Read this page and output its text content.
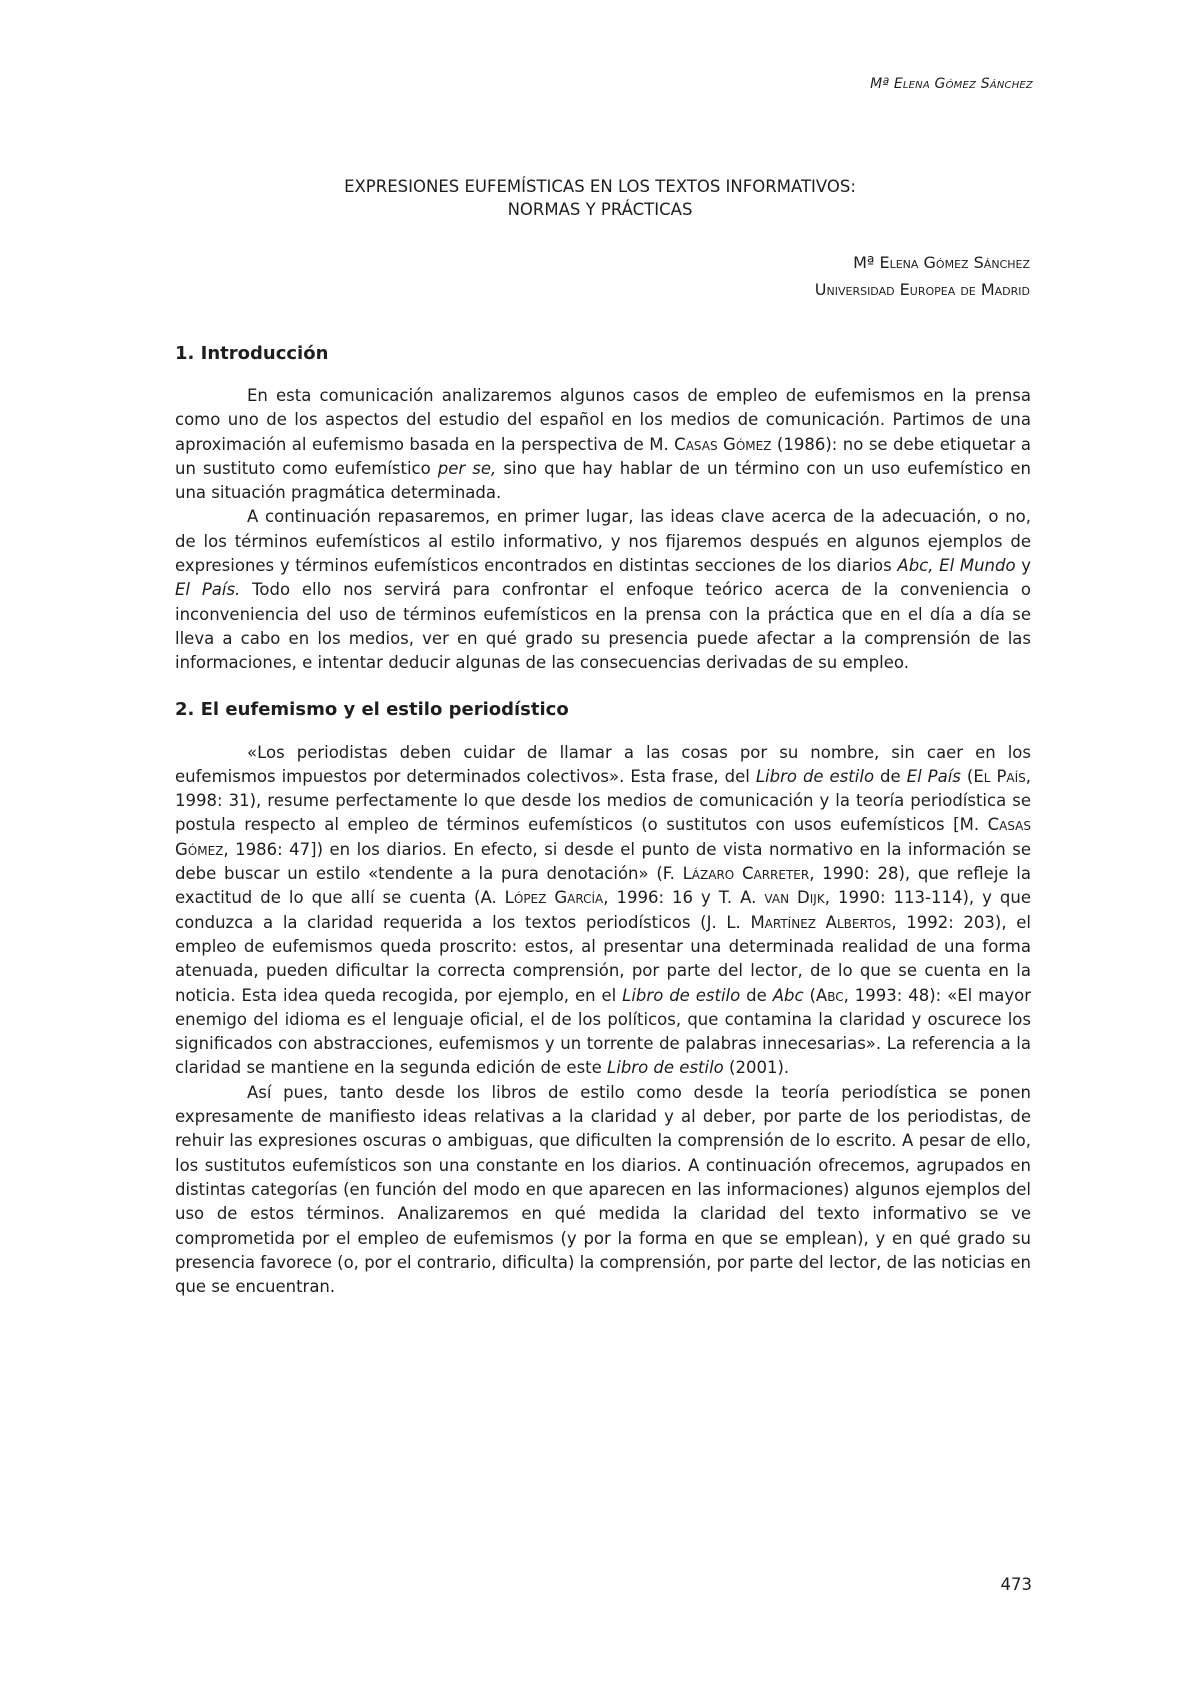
Mª Elena Gómez Sánchez
EXPRESIONES EUFEMÍSTICAS EN LOS TEXTOS INFORMATIVOS:
NORMAS Y PRÁCTICAS
Mª Elena Gómez Sánchez
Universidad Europea de Madrid
1. Introducción

En esta comunicación analizaremos algunos casos de empleo de eufemismos en la prensa como uno de los aspectos del estudio del español en los medios de comunicación. Partimos de una aproximación al eufemismo basada en la perspectiva de M. Casas Gómez (1986): no se debe etiquetar a un sustituto como eufemístico per se, sino que hay hablar de un término con un uso eufemístico en una situación pragmática determinada.

A continuación repasaremos, en primer lugar, las ideas clave acerca de la adecuación, o no, de los términos eufemísticos al estilo informativo, y nos fijaremos después en algunos ejemplos de expresiones y términos eufemísticos encontrados en distintas secciones de los diarios Abc, El Mundo y El País. Todo ello nos servirá para confrontar el enfoque teórico acerca de la conveniencia o inconveniencia del uso de términos eufemísticos en la prensa con la práctica que en el día a día se lleva a cabo en los medios, ver en qué grado su presencia puede afectar a la comprensión de las informaciones, e intentar deducir algunas de las consecuencias derivadas de su empleo.

2. El eufemismo y el estilo periodístico

«Los periodistas deben cuidar de llamar a las cosas por su nombre, sin caer en los eufemismos impuestos por determinados colectivos». Esta frase, del Libro de estilo de El País (El País, 1998: 31), resume perfectamente lo que desde los medios de comunicación y la teoría periodística se postula respecto al empleo de términos eufemísticos (o sustitutos con usos eufemísticos [M. Casas Gómez, 1986: 47]) en los diarios. En efecto, si desde el punto de vista normativo en la información se debe buscar un estilo «tendente a la pura denotación» (F. Lázaro Carreter, 1990: 28), que refleje la exactitud de lo que allí se cuenta (A. López García, 1996: 16 y T. A. van Dijk, 1990: 113-114), y que conduzca a la claridad requerida a los textos periodísticos (J. L. Martínez Albertos, 1992: 203), el empleo de eufemismos queda proscrito: estos, al presentar una determinada realidad de una forma atenuada, pueden dificultar la correcta comprensión, por parte del lector, de lo que se cuenta en la noticia. Esta idea queda recogida, por ejemplo, en el Libro de estilo de Abc (Abc, 1993: 48): «El mayor enemigo del idioma es el lenguaje oficial, el de los políticos, que contamina la claridad y oscurece los significados con abstracciones, eufemismos y un torrente de palabras innecesarias». La referencia a la claridad se mantiene en la segunda edición de este Libro de estilo (2001).

Así pues, tanto desde los libros de estilo como desde la teoría periodística se ponen expresamente de manifiesto ideas relativas a la claridad y al deber, por parte de los periodistas, de rehuir las expresiones oscuras o ambiguas, que dificulten la comprensión de lo escrito. A pesar de ello, los sustitutos eufemísticos son una constante en los diarios. A continuación ofrecemos, agrupados en distintas categorías (en función del modo en que aparecen en las informaciones) algunos ejemplos del uso de estos términos. Analizaremos en qué medida la claridad del texto informativo se ve comprometida por el empleo de eufemismos (y por la forma en que se emplean), y en qué grado su presencia favorece (o, por el contrario, dificulta) la comprensión, por parte del lector, de las noticias en que se encuentran.

473
